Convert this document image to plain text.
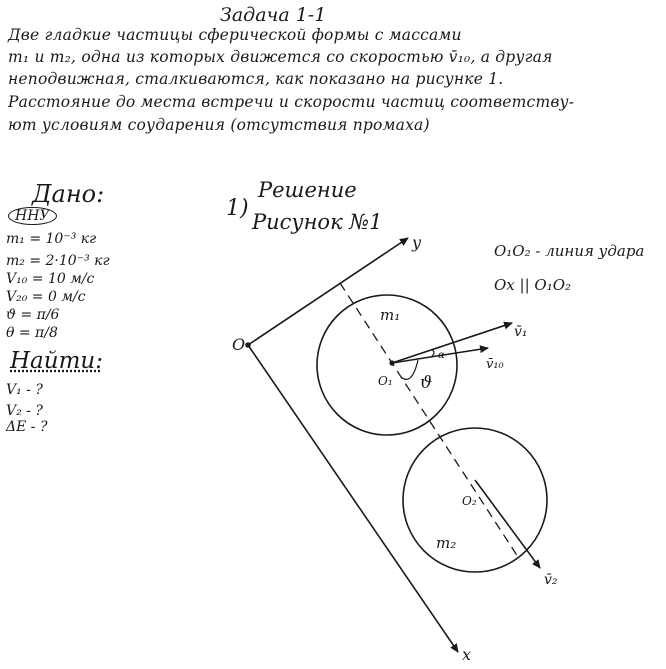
Задача 1-1
Две гладкие частицы сферической формы с массами
m₁ и m₂, одна из которых движется со скоростью v̄₁₀, а другая
неподвижная, сталкиваются, как показано на рисунке 1.
Расстояние до места встречи и скорости частиц соответству-
ют условиям соударения (отсутствия промаха)
Дано:
ННУ
m₁ = 10⁻³ кг
m₂ = 2·10⁻³ кг
V₁₀ = 10 м/с
V₂₀ = 0 м/с
ϑ = π/6
θ = π/8
Найти:
V₁ - ?
V₂ - ?
ΔE - ?
1)
Решение
Рисунок №1
O₁O₂ - линия удара
Ox || O₁O₂
O
y
x
m₁
m₂
O₁
O₂
v̄₁
v̄₁₀
v̄₂
α
ϑ
